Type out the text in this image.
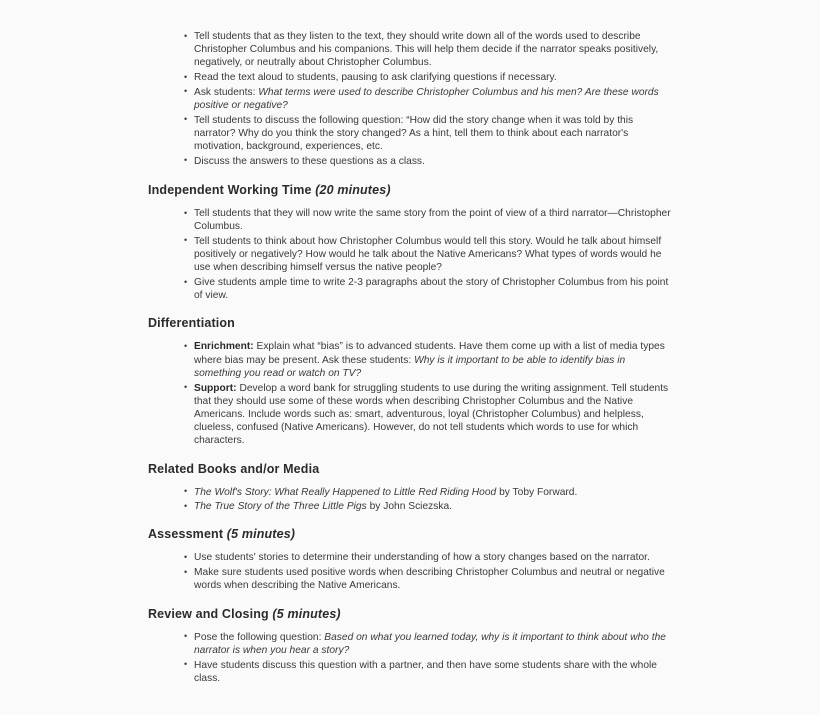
• Tell students that as they listen to the text, they should write down all of the words used to describe Christopher Columbus and his companions. This will help them decide if the narrator speaks positively, negatively, or neutrally about Christopher Columbus.
• Read the text aloud to students, pausing to ask clarifying questions if necessary.
• Ask students: What terms were used to describe Christopher Columbus and his men? Are these words positive or negative?
• Tell students to discuss the following question: “How did the story change when it was told by this narrator? Why do you think the story changed? As a hint, tell them to think about each narrator's motivation, background, experiences, etc.
• Discuss the answers to these questions as a class.
Independent Working Time (20 minutes)
• Tell students that they will now write the same story from the point of view of a third narrator—Christopher Columbus.
• Tell students to think about how Christopher Columbus would tell this story. Would he talk about himself positively or negatively? How would he talk about the Native Americans? What types of words would he use when describing himself versus the native people?
• Give students ample time to write 2-3 paragraphs about the story of Christopher Columbus from his point of view.
Differentiation
• Enrichment: Explain what “bias” is to advanced students. Have them come up with a list of media types where bias may be present. Ask these students: Why is it important to be able to identify bias in something you read or watch on TV?
• Support: Develop a word bank for struggling students to use during the writing assignment. Tell students that they should use some of these words when describing Christopher Columbus and the Native Americans. Include words such as: smart, adventurous, loyal (Christopher Columbus) and helpless, clueless, confused (Native Americans). However, do not tell students which words to use for which characters.
Related Books and/or Media
• The Wolf's Story: What Really Happened to Little Red Riding Hood by Toby Forward.
• The True Story of the Three Little Pigs by John Sciezska.
Assessment (5 minutes)
• Use students' stories to determine their understanding of how a story changes based on the narrator.
• Make sure students used positive words when describing Christopher Columbus and neutral or negative words when describing the Native Americans.
Review and Closing (5 minutes)
• Pose the following question: Based on what you learned today, why is it important to think about who the narrator is when you hear a story?
• Have students discuss this question with a partner, and then have some students share with the whole class.
